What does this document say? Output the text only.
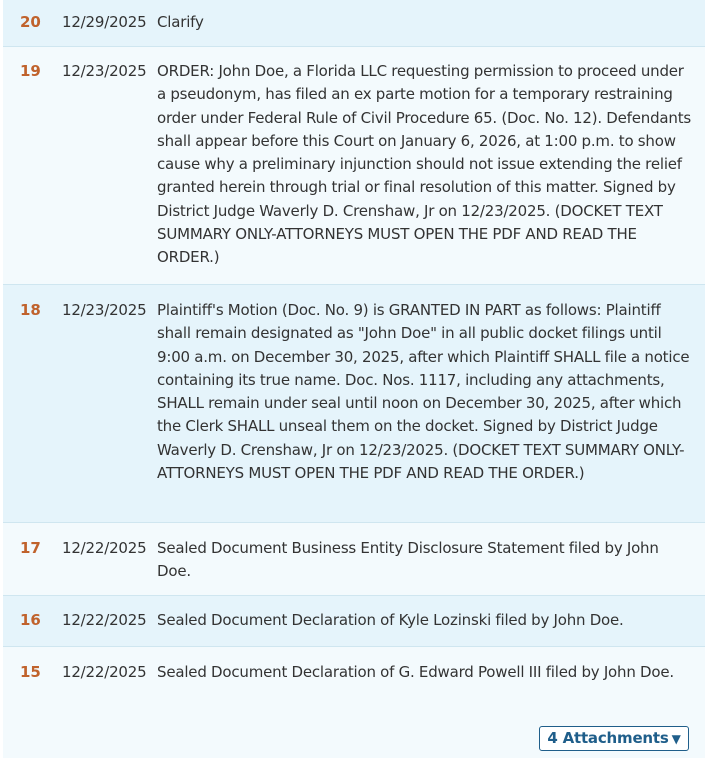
20 12/29/2025 Clarify
19 12/23/2025 ORDER: John Doe, a Florida LLC requesting permission to proceed under a pseudonym, has filed an ex parte motion for a temporary restraining order under Federal Rule of Civil Procedure 65. (Doc. No. 12). Defendants shall appear before this Court on January 6, 2026, at 1:00 p.m. to show cause why a preliminary injunction should not issue extending the relief granted herein through trial or final resolution of this matter. Signed by District Judge Waverly D. Crenshaw, Jr on 12/23/2025. (DOCKET TEXT SUMMARY ONLY-ATTORNEYS MUST OPEN THE PDF AND READ THE ORDER.)
18 12/23/2025 Plaintiff's Motion (Doc. No. 9) is GRANTED IN PART as follows: Plaintiff shall remain designated as "John Doe" in all public docket filings until 9:00 a.m. on December 30, 2025, after which Plaintiff SHALL file a notice containing its true name. Doc. Nos. 1117, including any attachments, SHALL remain under seal until noon on December 30, 2025, after which the Clerk SHALL unseal them on the docket. Signed by District Judge Waverly D. Crenshaw, Jr on 12/23/2025. (DOCKET TEXT SUMMARY ONLY-ATTORNEYS MUST OPEN THE PDF AND READ THE ORDER.)
17 12/22/2025 Sealed Document Business Entity Disclosure Statement filed by John Doe.
16 12/22/2025 Sealed Document Declaration of Kyle Lozinski filed by John Doe.
15 12/22/2025 Sealed Document Declaration of G. Edward Powell III filed by John Doe.
4 Attachments ▼
